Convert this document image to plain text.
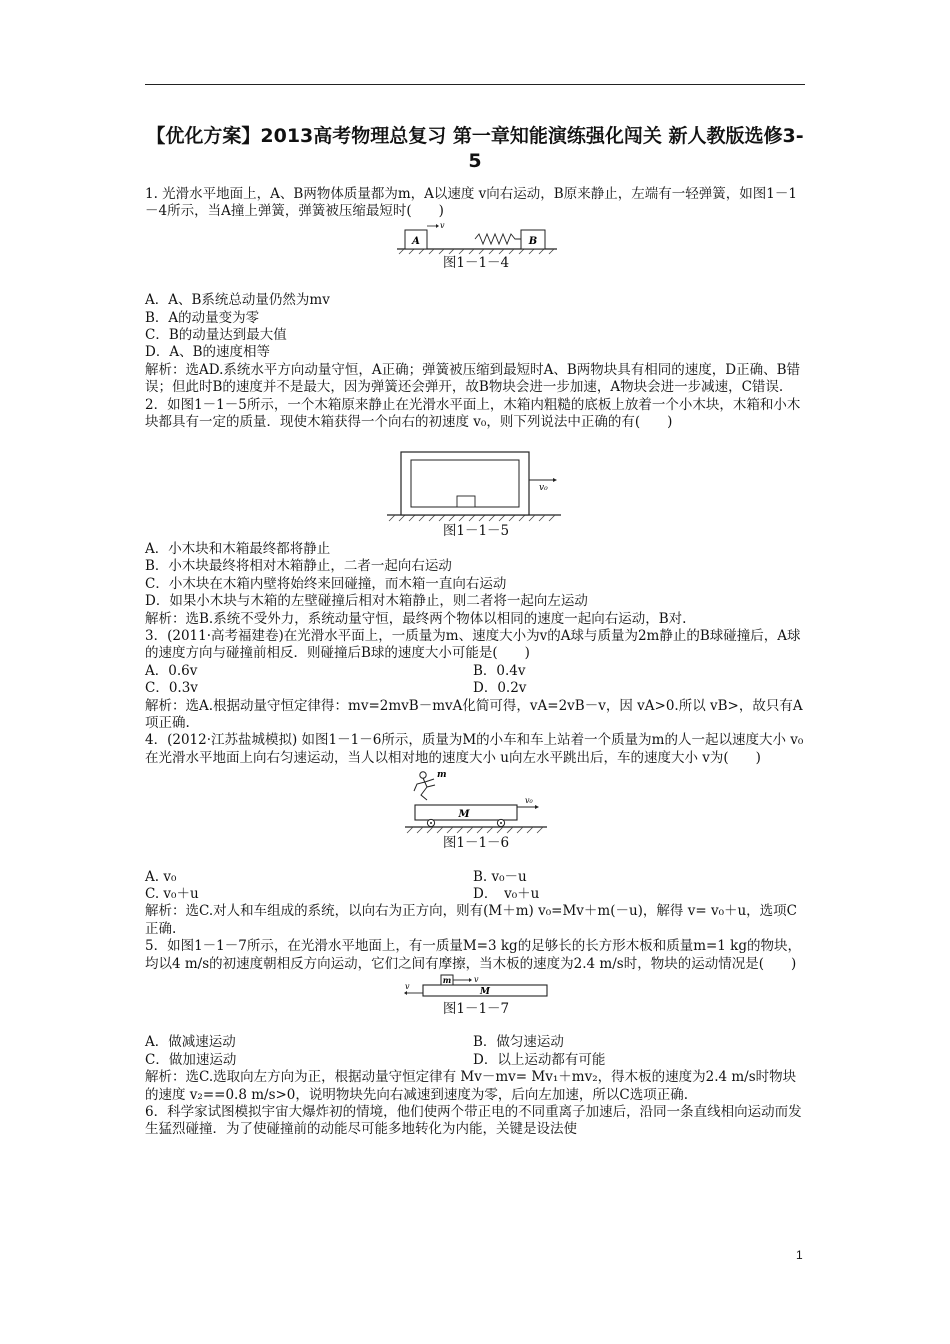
【优化方案】2013高考物理总复习 第一章知能演练强化闯关 新人教版选修3-5

1. 光滑水平地面上，A、B两物体质量都为m，A以速度 v向右运动，B原来静止，左端有一轻弹簧，如图1－1－4所示，当A撞上弹簧，弹簧被压缩最短时(　　)

A
v
B

图1－1－4

A．A、B系统总动量仍然为mv

B．A的动量变为零

C．B的动量达到最大值

D．A、B的速度相等

解析：选AD.系统水平方向动量守恒，A正确；弹簧被压缩到最短时A、B两物块具有相同的速度，D正确、B错误；但此时B的速度并不是最大，因为弹簧还会弹开，故B物块会进一步加速，A物块会进一步减速，C错误.

2．如图1－1－5所示，一个木箱原来静止在光滑水平面上，木箱内粗糙的底板上放着一个小木块，木箱和小木块都具有一定的质量．现使木箱获得一个向右的初速度 v₀，则下列说法中正确的有(　　)

v₀

图1－1－5

A．小木块和木箱最终都将静止

B．小木块最终将相对木箱静止，二者一起向右运动

C．小木块在木箱内壁将始终来回碰撞，而木箱一直向右运动

D．如果小木块与木箱的左壁碰撞后相对木箱静止，则二者将一起向左运动

解析：选B.系统不受外力，系统动量守恒，最终两个物体以相同的速度一起向右运动，B对.

3．(2011·高考福建卷)在光滑水平面上，一质量为m、速度大小为v的A球与质量为2m静止的B球碰撞后，A球的速度方向与碰撞前相反．则碰撞后B球的速度大小可能是(　　)

A．0.6v	B．0.4v
C．0.3v	D．0.2v

解析：选A.根据动量守恒定律得：mv=2mvB－mvA化简可得，vA=2vB－v，因 vA>0.所以 vB>，故只有A项正确.

4．(2012·江苏盐城模拟) 如图1－1－6所示，质量为M的小车和车上站着一个质量为m的人一起以速度大小 v₀在光滑水平地面上向右匀速运动，当人以相对地的速度大小 u向左水平跳出后，车的速度大小 v为(　　)

M
m
v₀

图1－1－6

A. v₀	B. v₀－u
C. v₀＋u	D．　v₀＋u

解析：选C.对人和车组成的系统，以向右为正方向，则有(M＋m) v₀=Mv＋m(－u)，解得 v= v₀＋u，选项C正确.

5．如图1－1－7所示，在光滑水平地面上，有一质量M=3 kg的足够长的长方形木板和质量m=1 kg的物块，均以4 m/s的初速度朝相反方向运动，它们之间有摩擦，当木板的速度为2.4 m/s时，物块的运动情况是(　　)

M
m	v
v

图1－1－7

A．做减速运动	B．做匀速运动
C．做加速运动	D．以上运动都有可能

解析：选C.选取向左方向为正，根据动量守恒定律有 Mv－mv= Mv₁＋mv₂，得木板的速度为2.4 m/s时物块的速度 v₂==0.8 m/s>0，说明物块先向右减速到速度为零，后向左加速，所以C选项正确.

6．科学家试图模拟宇宙大爆炸初的情境，他们使两个带正电的不同重离子加速后，沿同一条直线相向运动而发生猛烈碰撞．为了使碰撞前的动能尽可能多地转化为内能，关键是设法使

1
